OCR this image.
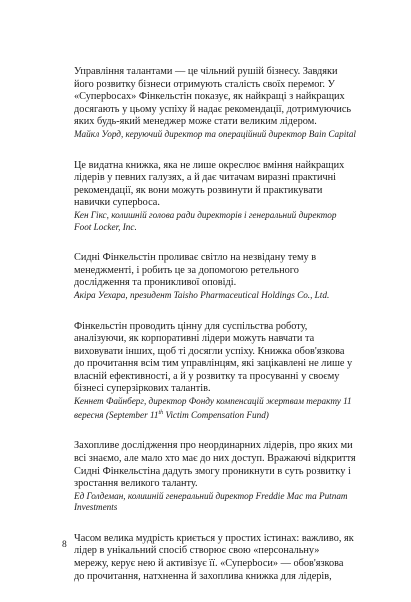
Управління талантами — це чільний рушій бізнесу. Завдяки його розвитку бізнеси отримують сталість своїх перемог. У «Суперbосах» Фінкельстін показує, як найкращі з найкращих досягають у цьому успіху й надає рекомендації, дотримуючись яких будь-який менеджер може стати великим лідером.

Майкл Уорд, керуючий директор та операційний директор Bain Capital

Це видатна книжка, яка не лише окреслює вміння найкращих лідерів у певних галузях, а й дає читачам виразні практичні рекомендації, як вони можуть розвинути й практикувати навички суперbоса.

Кен Гікс, колишній голова ради директорів і генеральний директор Foot Locker, Inc.

Сидні Фінкельстін проливає світло на незвідану тему в менеджменті, і робить це за допомогою ретельного дослідження та проникливої оповіді.

Акіра Уехара, президент Taisho Pharmaceutical Holdings Co., Ltd.

Фінкельстін проводить цінну для суспільства роботу, аналізуючи, як корпоративні лідери можуть навчати та виховувати інших, щоб ті досягли успіху. Книжка обов'язкова до прочитання всім тим управлінцям, які зацікавлені не лише у власній ефективності, а й у розвитку та просуванні у своєму бізнесі суперзіркових талантів.

Кеннет Файнберг, директор Фонду компенсацій жертвам теракту 11 вересня (September 11th Victim Compensation Fund)

Захопливе дослідження про неординарних лідерів, про яких ми всі знаємо, але мало хто має до них доступ. Вражаючі відкриття Сидні Фінкельстіна дадуть змогу проникнути в суть розвитку і зростання великого таланту.

Ед Голдеман, колишній генеральний директор Freddie Mac та Putnam Investments

Часом велика мудрість криється у простих істинах: важливо, як лідер в унікальний спосіб створює свою «персональну» мережу, керує нею й активізує її. «Суперbоси» — обов'язкова до прочитання, натхненна й захоплива книжка для лідерів,

8
